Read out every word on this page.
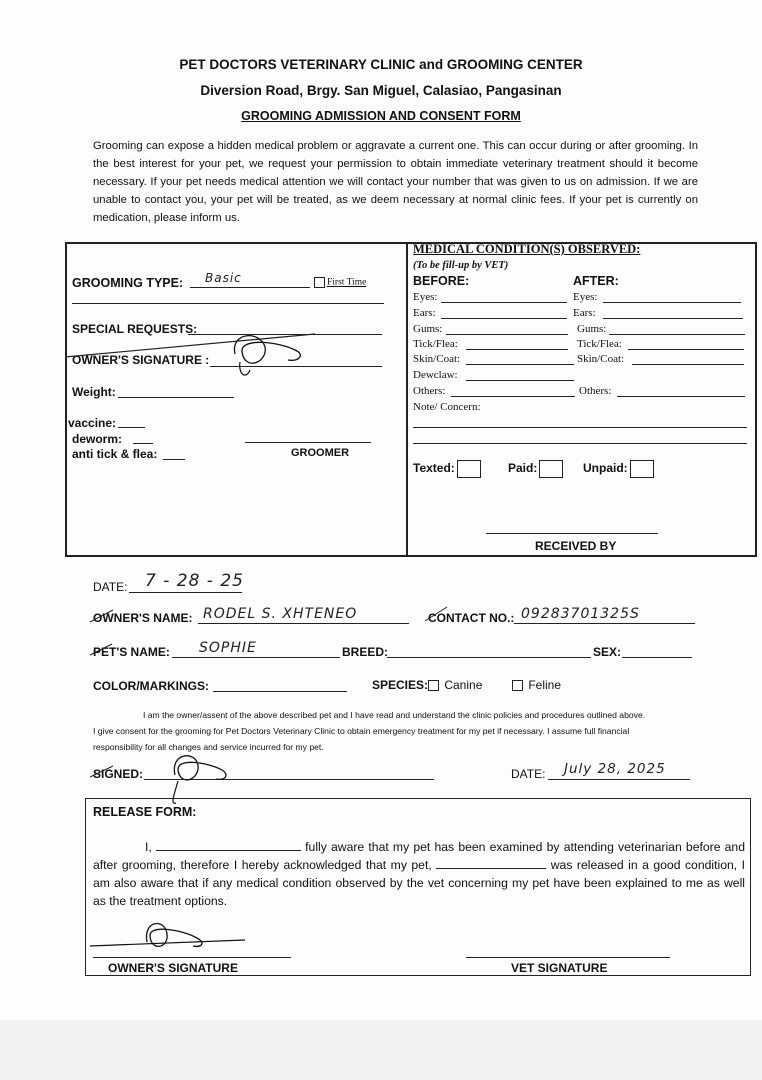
PET DOCTORS VETERINARY CLINIC and GROOMING CENTER
Diversion Road, Brgy. San Miguel, Calasiao, Pangasinan
GROOMING ADMISSION AND CONSENT FORM
Grooming can expose a hidden medical problem or aggravate a current one. This can occur during or after grooming. In the best interest for your pet, we request your permission to obtain immediate veterinary treatment should it become necessary. If your pet needs medical attention we will contact your number that was given to us on admission. If we are unable to contact you, your pet will be treated, as we deem necessary at normal clinic fees. If your pet is currently on medication, please inform us.
GROOMING TYPE: Basic	First Time
SPECIAL REQUESTS:
OWNER'S SIGNATURE :
Weight:
vaccine:
deworm:
anti tick & flea:	GROOMER
MEDICAL CONDITION(S) OBSERVED:
(To be fill-up by VET)
BEFORE:	AFTER:
Eyes:	Eyes:
Ears:	Ears:
Gums:	Gums:
Tick/Flea:	Tick/Flea:
Skin/Coat:	Skin/Coat:
Dewclaw:
Others:	Others:
Note/ Concern:
Texted:	Paid:	Unpaid:
RECEIVED BY
DATE: 7 - 28 - 25
OWNER'S NAME: RODEL S. XHTENEO	CONTACT NO.: 09283701325S
PET'S NAME: SOPHIE	BREED:	SEX:
COLOR/MARKINGS:	SPECIES:	Canine	Feline
I am the owner/assent of the above described pet and I have read and understand the clinic policies and procedures outlined above.
I give consent for the grooming for Pet Doctors Veterinary Clinic to obtain emergency treatment for my pet if necessary. I assume full financial
responsibility for all changes and service incurred for my pet.
SIGNED:	DATE: July 28, 2025
RELEASE FORM:
I,	fully aware that my pet has been examined by attending veterinarian before and after grooming, therefore I hereby acknowledged that my pet,	was released in a good condition, I am also aware that if any medical condition observed by the vet concerning my pet have been explained to me as well as the treatment options.
OWNER'S SIGNATURE	VET SIGNATURE
